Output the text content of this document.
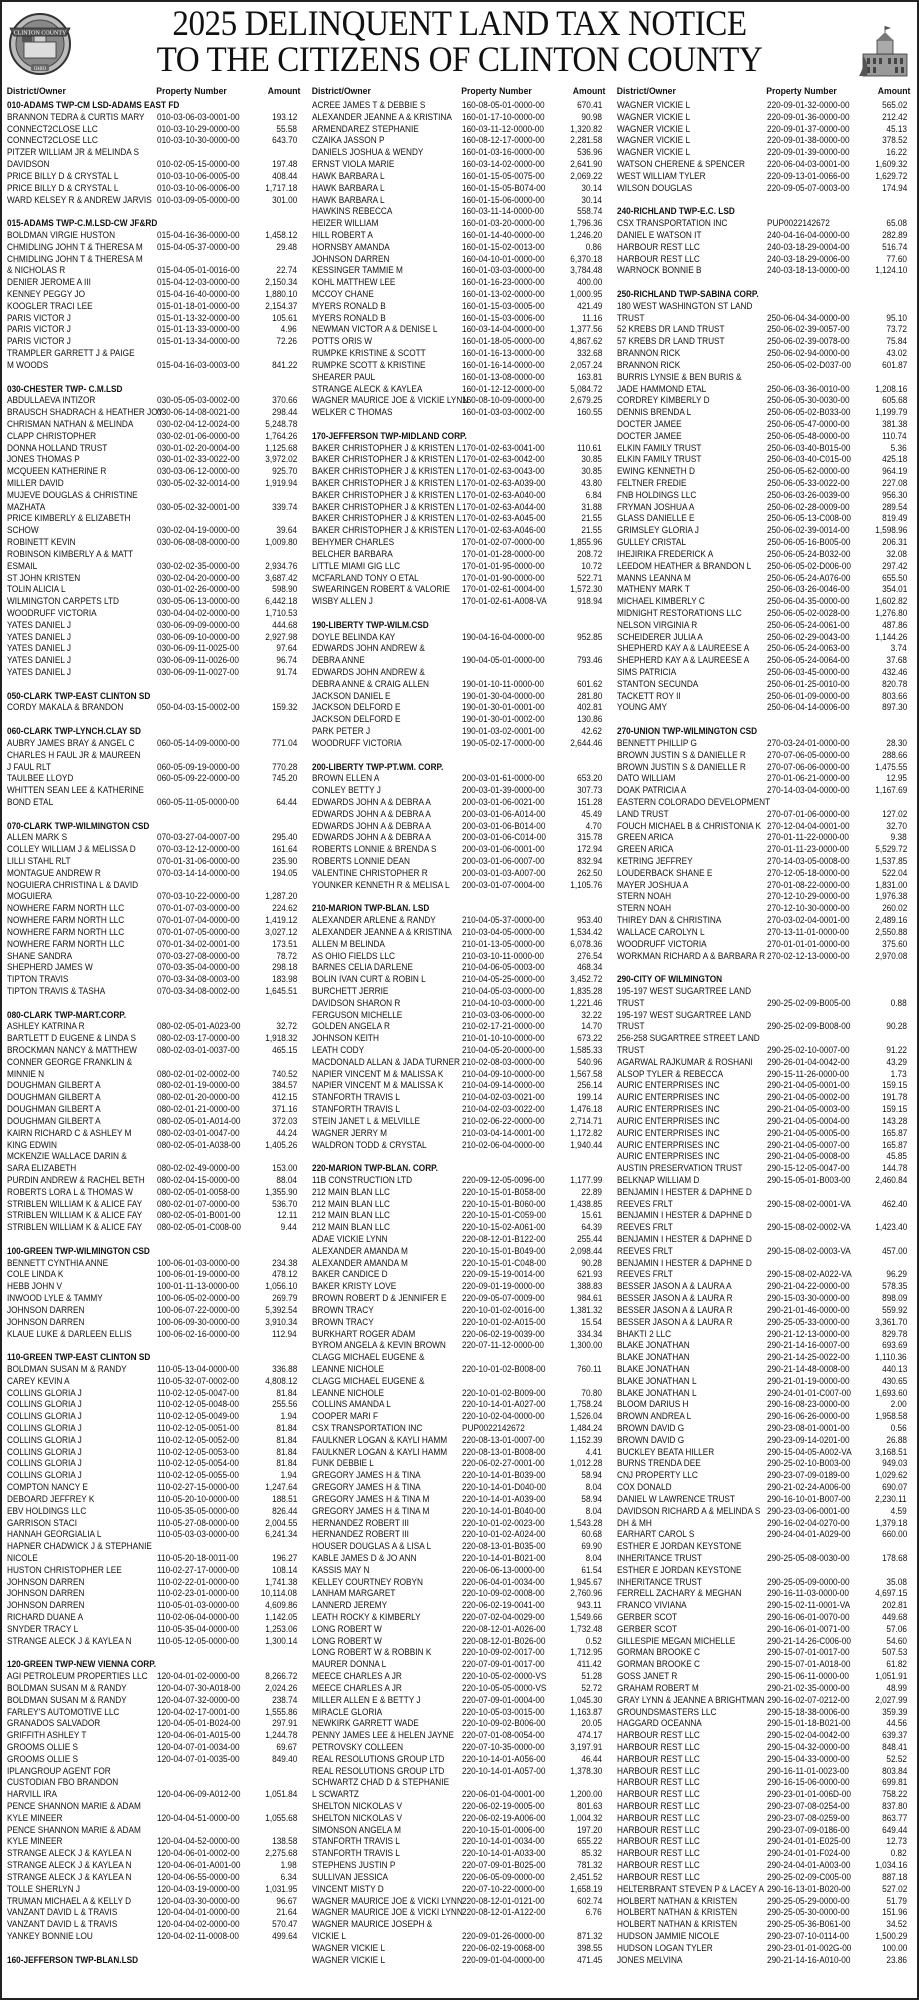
CLINTON COUNTY
OHIO
2025 DELINQUENT LAND TAX NOTICE
TO THE CITIZENS OF CLINTON COUNTY
District/Owner	Property Number	Amount
010-ADAMS TWP-CM LSD-ADAMS EAST FD
BRANNON TEDRA & CURTIS MARY 010-03-06-03-0001-00	193.12
CONNECT2CLOSE LLC	010-03-10-29-0000-00	55.58
CONNECT2CLOSE LLC	010-03-10-30-0000-00	643.70
PITZER WILLIAM JR & MELINDA S
DAVIDSON	010-02-05-15-0000-00	197.48
PRICE BILLY D & CRYSTAL L	010-03-10-06-0005-00	408.44
PRICE BILLY D & CRYSTAL L	010-03-10-06-0006-00	1,717.18
WARD KELSEY R & ANDREW JARVIS 010-03-09-05-0000-00	301.00
015-ADAMS TWP-C.M.LSD-CW JF&RD
BOLDMAN VIRGIE HUSTON	015-04-16-36-0000-00	1,458.12
CHMIDLING JOHN T & THERESA M 015-04-05-37-0000-00	29.48
CHMIDLING JOHN T & THERESA M
& NICHOLAS R	015-04-05-01-0016-00	22.74
DENIER JEROME A III	015-04-12-03-0000-00	2,150.34
KENNEY PEGGY JO	015-04-16-40-0000-00	1,880.10
KOOGLER TRACI LEE	015-01-18-01-0000-00	2,154.37
PARIS VICTOR J	015-01-13-32-0000-00	105.61
PARIS VICTOR J	015-01-13-33-0000-00	4.96
PARIS VICTOR J	015-01-13-34-0000-00	72.26
TRAMPLER GARRETT J & PAIGE
M WOODS	015-04-16-03-0003-00	841.22
030-CHESTER TWP- C.M.LSD
ABDULLAEVA INTIZOR	030-05-05-03-0002-00	370.66
BRAUSCH SHADRACH & HEATHER JOY
030-06-14-08-0021-00	298.44
CHRISMAN NATHAN & MELINDA 030-02-04-12-0024-00	5,248.78
CLAPP CHRISTOPHER	030-02-01-06-0000-00	1,764.26
DONNA HOLLAND TRUST	030-01-02-20-0004-00	1,125.68
JONES THOMAS P	030-01-02-33-0022-00	3,972.02
MCQUEEN KATHERINE R	030-03-06-12-0000-00	925.70
MILLER DAVID	030-05-02-32-0014-00	1,919.94
MUJEVE DOUGLAS & CHRISTINE
MAZHATA	030-05-02-32-0001-00	339.74
PRICE KIMBERLY & ELIZABETH
SCHOW	030-02-04-19-0000-00	39.64
ROBINETT KEVIN	030-06-08-08-0000-00	1,009.80
ROBINSON KIMBERLY A & MATT
ESMAIL	030-02-02-35-0000-00	2,934.76
ST JOHN KRISTEN	030-02-04-20-0000-00	3,687.42
TOLIN ALICIA L	030-01-02-26-0000-00	598.90
WILMINGTON CARPETS LTD	030-05-06-13-0000-00	6,442.18
WOODRUFF VICTORIA	030-04-04-02-0000-00	1,710.53
YATES DANIEL J	030-06-09-09-0000-00	444.68
YATES DANIEL J	030-06-09-10-0000-00	2,927.98
YATES DANIEL J	030-06-09-11-0025-00	97.64
YATES DANIEL J	030-06-09-11-0026-00	96.74
YATES DANIEL J	030-06-09-11-0027-00	91.74
050-CLARK TWP-EAST CLINTON SD
CORDY MAKALA & BRANDON	050-04-03-15-0002-00	159.32
060-CLARK TWP-LYNCH.CLAY SD
AUBRY JAMES BRAY & ANGEL C 060-05-14-09-0000-00	771.04
CHARLES H FAUL JR & MAUREEN
J FAUL RLT	060-05-09-19-0000-00	770.28
TAULBEE LLOYD	060-05-09-22-0000-00	745.20
WHITTEN SEAN LEE & KATHERINE
BOND ETAL	060-05-11-05-0000-00	64.44
070-CLARK TWP-WILMINGTON CSD
ALLEN MARK S	070-03-27-04-0007-00	295.40
COLLEY WILLIAM J & MELISSA D 070-03-12-12-0000-00	161.64
LILLI STAHL RLT	070-01-31-06-0000-00	235.90
MONTAGUE ANDREW R	070-03-14-14-0000-00	194.05
NOGUIERA CHRISTINA L & DAVID
MOGUIERA	070-03-10-22-0000-00	1,287.20
NOWHERE FARM NORTH LLC	070-01-07-03-0000-00	224.62
NOWHERE FARM NORTH LLC	070-01-07-04-0000-00	1,419.12
NOWHERE FARM NORTH LLC	070-01-07-05-0000-00	3,027.12
NOWHERE FARM NORTH LLC	070-01-34-02-0001-00	173.51
SHANE SANDRA	070-03-27-08-0000-00	78.72
SHEPHERD JAMES W	070-03-35-04-0000-00	298.18
TIPTON TRAVIS	070-03-34-08-0003-00	183.98
TIPTON TRAVIS & TASHA	070-03-34-08-0002-00	1,645.51
080-CLARK TWP-MART.CORP.
ASHLEY KATRINA R	080-02-05-01-A023-00	32.72
BARTLETT D EUGENE & LINDA S 080-02-03-17-0000-00	1,918.32
BROCKMAN NANCY & MATTHEW 080-02-03-01-0037-00	465.15
CONNER GEORGE FRANKLIN &
MINNIE N	080-02-01-02-0002-00	740.52
DOUGHMAN GILBERT A	080-02-01-19-0000-00	384.57
DOUGHMAN GILBERT A	080-02-01-20-0000-00	412.15
DOUGHMAN GILBERT A	080-02-01-21-0000-00	371.16
DOUGHMAN GILBERT A	080-02-05-01-A014-00	372.03
KAIRN RICHARD C & ASHLEY M	080-02-03-01-0047-00	44.24
KING EDWIN	080-02-05-01-A038-00	1,405.26
MCKENZIE WALLACE DARIN &
SARA ELIZABETH	080-02-02-49-0000-00	153.00
PURDIN ANDREW & RACHEL BETH 080-02-04-15-0000-00	88.04
ROBERTS LORA L & THOMAS W	080-02-05-01-0058-00	1,355.90
STRIBLEN WILLIAM K & ALICE FAY 080-02-01-07-0000-00	536.70
STRIBLEN WILLIAM K & ALICE FAY 080-02-05-01-B001-00	12.11
STRIBLEN WILLIAM K & ALICE FAY 080-02-05-01-C008-00	9.44
100-GREEN TWP-WILMINGTON CSD
BENNETT CYNTHIA ANNE	100-06-01-03-0000-00	234.38
COLE LINDA K	100-06-01-19-0000-00	478.12
HEBB JOHN V	100-01-11-13-0000-00	1,056.10
INWOOD LYLE & TAMMY	100-06-05-02-0000-00	269.79
JOHNSON DARREN	100-06-07-22-0000-00	5,392.54
JOHNSON DARREN	100-06-09-30-0000-00	3,910.34
KLAUE LUKE & DARLEEN ELLIS	100-06-02-16-0000-00	112.94
110-GREEN TWP-EAST CLINTON SD
BOLDMAN SUSAN M & RANDY	110-05-13-04-0000-00	336.88
CAREY KEVIN A	110-05-32-07-0002-00	4,808.12
COLLINS GLORIA J	110-02-12-05-0047-00	81.84
COLLINS GLORIA J	110-02-12-05-0048-00	255.56
COLLINS GLORIA J	110-02-12-05-0049-00	1.94
COLLINS GLORIA J	110-02-12-05-0051-00	81.84
COLLINS GLORIA J	110-02-12-05-0052-00	81.84
COLLINS GLORIA J	110-02-12-05-0053-00	81.84
COLLINS GLORIA J	110-02-12-05-0054-00	81.84
COLLINS GLORIA J	110-02-12-05-0055-00	1.94
COMPTON NANCY E	110-02-27-15-0000-00	1,247.64
DEBOARD JEFFREY K	110-05-20-10-0000-00	188.51
EBV HOLDINGS LLC	110-05-35-05-0000-00	826.44
GARRISON STACI	110-05-27-08-0000-00	2,004.55
HANNAH GEORGIALIA L	110-05-03-03-0000-00	6,241.34
HAPNER CHADWICK J & STEPHANIE
NICOLE	110-05-20-18-0011-00	196.27
HUSTON CHRISTOPHER LEE	110-02-27-17-0000-00	108.14
JOHNSON DARREN	110-02-22-01-0000-00	1,741.38
JOHNSON DARREN	110-02-23-01-0000-00 10,114.08
JOHNSON DARREN	110-05-01-03-0000-00	4,609.86
RICHARD DUANE A	110-02-06-04-0000-00	1,142.05
SNYDER TRACY L	110-05-35-04-0000-00	1,253.06
STRANGE ALECK J & KAYLEA N	110-05-12-05-0000-00	1,300.14
120-GREEN TWP-NEW VIENNA CORP.
AGI PETROLEUM PROPERTIES LLC 120-04-01-02-0000-00	8,266.72
BOLDMAN SUSAN M & RANDY	120-04-07-30-A018-00	2,024.26
BOLDMAN SUSAN M & RANDY	120-04-07-32-0000-00	238.74
FARLEY'S AUTOMOTIVE LLC	120-04-02-17-0001-00	1,555.86
GRANADOS SALVADOR	120-04-05-01-B024-00	297.91
GRIFFITH ASHLEY T	120-04-06-01-A015-00	1,244.78
GROOMS OLLIE S	120-04-07-01-0034-00	69.67
GROOMS OLLIE S	120-04-07-01-0035-00	849.40
IPLANGROUP AGENT FOR
CUSTODIAN FBO BRANDON
HARVILL IRA	120-04-06-09-A012-00	1,051.84
PENCE SHANNON MARIE & ADAM
KYLE MINEER	120-04-04-51-0000-00	1,055.68
PENCE SHANNON MARIE & ADAM
KYLE MINEER	120-04-04-52-0000-00	138.58
STRANGE ALECK J & KAYLEA N	120-04-06-01-0002-00	2,275.68
STRANGE ALECK J & KAYLEA N	120-04-06-01-A001-00	1.98
STRANGE ALECK J & KAYLEA N	120-04-06-55-0000-00	6.34
TOLLE SHERLYN J	120-04-03-19-0000-00	1,031.95
TRUMAN MICHAEL A & KELLY D	120-04-03-30-0000-00	96.67
VANZANT DAVID L & TRAVIS	120-04-04-01-0000-00	21.64
VANZANT DAVID L & TRAVIS	120-04-04-02-0000-00	570.47
YANKEY BONNIE LOU	120-04-02-11-0008-00	499.64
160-JEFFERSON TWP-BLAN.LSD
District/Owner	Property Number	Amount
ACREE JAMES T & DEBBIE S	160-08-05-01-0000-00	670.41
ALEXANDER JEANNE A & KRISTINA 160-01-17-10-0000-00	90.98
ARMENDAREZ STEPHANIE	160-03-11-12-0000-00	1,320.82
CZAIKA JASSON P	160-08-12-17-0000-00	2,281.58
DANIELS JOSHUA & WENDY	160-01-03-16-0000-00	536.96
ERNST VIOLA MARIE	160-03-14-02-0000-00	2,641.90
HAWK BARBARA L	160-01-15-05-0075-00	2,069.22
HAWK BARBARA L	160-01-15-05-B074-00	30.14
HAWK BARBARA L	160-01-15-06-0000-00	30.14
HAWKINS REBECCA	160-03-11-14-0000-00	558.74
HEIZER WILLIAM	160-01-03-20-0000-00	1,796.36
HILL ROBERT A	160-01-14-40-0000-00	1,246.20
HORNSBY AMANDA	160-01-15-02-0013-00	0.86
JOHNSON DARREN	160-04-10-01-0000-00	6,370.18
KESSINGER TAMMIE M	160-01-03-03-0000-00	3,784.48
KOHL MATTHEW LEE	160-01-16-23-0000-00	400.00
MCCOY CHANE	160-01-13-02-0000-00	1,000.95
MYERS RONALD B	160-01-15-03-0005-00	421.49
MYERS RONALD B	160-01-15-03-0006-00	11.16
NEWMAN VICTOR A & DENISE L	160-03-14-04-0000-00	1,377.56
POTTS ORIS W	160-01-18-05-0000-00	4,867.62
RUMPKE KRISTINE & SCOTT	160-01-16-13-0000-00	332.68
RUMPKE SCOTT & KRISTINE	160-01-16-14-0000-00	2,057.24
SHEARER PAUL	160-01-13-08-0000-00	163.81
STRANGE ALECK & KAYLEA	160-01-12-12-0000-00	5,084.72
WAGNER MAURICE JOE & VICKIE LYNN
160-08-10-09-0000-00	2,679.25
WELKER C THOMAS	160-01-03-03-0002-00	160.55
170-JEFFERSON TWP-MIDLAND CORP.
BAKER CHRISTOPHER J & KRISTEN L 170-01-02-63-0041-00	110.61
BAKER CHRISTOPHER J & KRISTEN L 170-01-02-63-0042-00	30.85
BAKER CHRISTOPHER J & KRISTEN L 170-01-02-63-0043-00	30.85
BAKER CHRISTOPHER J & KRISTEN L 170-01-02-63-A039-00	43.80
BAKER CHRISTOPHER J & KRISTEN L 170-01-02-63-A040-00	6.84
BAKER CHRISTOPHER J & KRISTEN L 170-01-02-63-A044-00	31.88
BAKER CHRISTOPHER J & KRISTEN L 170-01-02-63-A045-00	21.55
BAKER CHRISTOPHER J & KRISTEN L 170-01-02-63-A046-00	21.55
BEHYMER CHARLES	170-01-02-07-0000-00	1,855.96
BELCHER BARBARA	170-01-01-28-0000-00	208.72
LITTLE MIAMI GIG LLC	170-01-01-95-0000-00	10.72
MCFARLAND TONY O ETAL	170-01-01-90-0000-00	522.71
SWEARINGEN ROBERT & VALORIE 170-01-02-61-0004-00	1,572.30
WISBY ALLEN J	170-01-02-61-A008-VA	918.94
190-LIBERTY TWP-WILM.CSD
DOYLE BELINDA KAY	190-04-16-04-0000-00	952.85
EDWARDS JOHN ANDREW &
DEBRA ANNE	190-04-05-01-0000-00	793.46
EDWARDS JOHN ANDREW &
DEBRA ANNE & CRAIG ALLEN	190-01-10-11-0000-00	601.62
JACKSON DANIEL E	190-01-30-04-0000-00	281.80
JACKSON DELFORD E	190-01-30-01-0001-00	402.81
JACKSON DELFORD E	190-01-30-01-0002-00	130.86
PARK PETER J	190-01-03-02-0001-00	42.62
WOODRUFF VICTORIA	190-05-02-17-0000-00	2,644.46
200-LIBERTY TWP-PT.WM. CORP.
BROWN ELLEN A	200-03-01-61-0000-00	653.20
CONLEY BETTY J	200-03-01-39-0000-00	307.73
EDWARDS JOHN A & DEBRA A	200-03-01-06-0021-00	151.28
EDWARDS JOHN A & DEBRA A	200-03-01-06-A014-00	45.49
EDWARDS JOHN A & DEBRA A	200-03-01-06-B014-00	4.70
EDWARDS JOHN A & DEBRA A	200-03-01-06-C014-00	315.78
ROBERTS LONNIE & BRENDA S	200-03-01-06-0001-00	172.94
ROBERTS LONNIE DEAN	200-03-01-06-0007-00	832.94
VALENTINE CHRISTOPHER R	200-03-01-03-A007-00	262.50
YOUNKER KENNETH R & MELISA L 200-03-01-07-0004-00	1,105.76
210-MARION TWP-BLAN. LSD
ALEXANDER ARLENE & RANDY	210-04-05-37-0000-00	953.40
ALEXANDER JEANNE A & KRISTINA 210-03-04-05-0000-00	1,534.42
ALLEN M BELINDA	210-01-13-05-0000-00	6,078.36
AS OHIO FIELDS LLC	210-03-10-11-0000-00	276.54
BARNES CELIA DARLENE	210-04-06-05-0003-00	468.34
BOLIN IVAN CURT & ROBIN L	210-04-05-25-0000-00	3,452.72
BURCHETT JERRIE	210-04-05-03-0000-00	1,835.28
DAVIDSON SHARON R	210-04-10-03-0000-00	1,221.46
FERGUSON MICHELLE	210-03-03-06-0000-00	32.22
GOLDEN ANGELA R	210-02-17-21-0000-00	14.70
JOHNSON KEITH	210-01-10-10-0000-00	673.22
LEATH CODY	210-04-05-20-0000-00	1,585.33
MACDONALD ALLAN & JADA TURNER 210-02-08-03-0000-00	540.96
NAPIER VINCENT M & MALISSA K 210-04-09-10-0000-00	1,567.58
NAPIER VINCENT M & MALISSA K 210-04-09-14-0000-00	256.14
STANFORTH TRAVIS L	210-04-02-03-0021-00	199.14
STANFORTH TRAVIS L	210-04-02-03-0022-00	1,476.18
STEIN JANET L & MELVILLE	210-02-06-22-0000-00	2,714.71
WAGNER JERRY M	210-03-04-14-0001-00	1,172.82
WALDRON TODD & CRYSTAL	210-02-06-04-0000-00	1,940.44
220-MARION TWP-BLAN. CORP.
11B CONSTRUCTION LTD	220-09-12-05-0096-00	1,177.99
212 MAIN BLAN LLC	220-10-15-01-B058-00	22.89
212 MAIN BLAN LLC	220-10-15-01-B060-00	1,438.85
212 MAIN BLAN LLC	220-10-15-01-C059-00	15.61
212 MAIN BLAN LLC	220-10-15-02-A061-00	64.39
ADAE VICKIE LYNN	220-08-12-01-B122-00	255.44
ALEXANDER AMANDA M	220-10-15-01-B049-00	2,098.44
ALEXANDER AMANDA M	220-10-15-01-C048-00	90.28
BAKER CANDICE D	220-09-15-19-0014-00	621.93
BAKER KRISTY LOVE	220-09-01-19-0000-00	388.83
BROWN ROBERT D & JENNIFER E 220-09-05-07-0009-00	984.61
BROWN TRACY	220-10-01-02-0016-00	1,381.32
BROWN TRACY	220-10-01-02-A015-00	15.54
BURKHART ROGER ADAM	220-06-02-19-0039-00	334.34
BYROM ANGELA & KEVIN BROWN 220-07-11-12-0000-00	1,300.00
CLAGG MICHAEL EUGENE &
LEANNE NICHOLE	220-10-01-02-B008-00	760.11
CLAGG MICHAEL EUGENE &
LEANNE NICHOLE	220-10-01-02-B009-00	70.80
COLLINS AMANDA L	220-10-14-01-A027-00	1,758.24
COOPER MARI F	220-10-02-04-0000-00	1,526.04
CSX TRANSPORTATION INC	PUP0022142672	1,484.24
FAULKNER LOGAN & KAYLI HAMM 220-08-13-01-0007-00	1,152.39
FAULKNER LOGAN & KAYLI HAMM 220-08-13-01-B008-00	4.41
FUNK DEBBIE L	220-06-02-27-0001-00	1,012.28
GREGORY JAMES H & TINA	220-10-14-01-B039-00	58.94
GREGORY JAMES H & TINA	220-10-14-01-D040-00	8.04
GREGORY JAMES H & TINA M	220-10-14-01-A039-00	58.94
GREGORY JAMES H & TINA M	220-10-14-01-B040-00	8.04
HERNANDEZ ROBERT III	220-10-01-02-0023-00	1,543.28
HERNANDEZ ROBERT III	220-10-01-02-A024-00	60.68
HOUSER DOUGLAS A & LISA L	220-08-13-01-B035-00	69.90
KABLE JAMES D & JO ANN	220-10-14-01-B021-00	8.04
KASSIS MAY N	220-06-06-13-0000-00	61.54
KELLEY COURTNEY ROBYN	220-06-04-01-0034-00	1,945.67
LANHAM MARGARET	220-10-09-02-0008-00	2,760.96
LANNERD JEREMY	220-06-02-19-0041-00	943.11
LEATH ROCKY & KIMBERLY	220-07-02-04-0029-00	1,549.66
LONG ROBERT W	220-08-12-01-A026-00	1,732.48
LONG ROBERT W	220-08-12-01-B026-00	0.52
LONG ROBERT W & ROBBIN K	220-10-09-02-0017-00	1,712.95
MAURER DONNA L	220-07-09-01-0017-00	411.42
MEECE CHARLES A JR	220-10-05-02-0000-VS	51.28
MEECE CHARLES A JR	220-10-05-05-0000-VS	52.72
MILLER ALLEN E & BETTY J	220-07-09-01-0004-00	1,045.30
MIRACLE GLORIA	220-10-05-03-0015-00	1,163.87
NEWKIRK GARRETT WADE	220-10-09-02-B006-00	20.05
PENNY JAMES LEE & HELEN JAYNE 220-07-01-08-0054-00	474.17
PETROVSKY COLLEEN	220-07-10-35-0000-00	3,197.91
REAL RESOLUTIONS GROUP LTD 220-10-14-01-A056-00	46.44
REAL RESOLUTIONS GROUP LTD 220-10-14-01-A057-00	1,378.30
SCHWARTZ CHAD D & STEPHANIE
L SCWARTZ	220-06-01-04-0001-00	1,200.00
SHELTON NICKOLAS V	220-06-02-19-0005-00	801.63
SHELTON NICKOLAS V	220-06-02-19-A006-00	1,004.32
SIMONSON ANGELA M	220-10-15-01-0006-00	197.20
STANFORTH TRAVIS L	220-10-14-01-0034-00	655.22
STANFORTH TRAVIS L	220-10-14-01-A033-00	85.32
STEPHENS JUSTIN P	220-07-09-01-B025-00	781.32
SULLIVAN JESSICA	220-06-05-09-0000-00	2,451.52
VINCENT MISTY D	220-07-10-22-0000-00	1,658.19
WAGNER MAURICE JOE & VICKI LYNN 220-08-12-01-0121-00	602.74
WAGNER MAURICE JOE & VICKI LYNN 220-08-12-01-A122-00	6.76
WAGNER MAURICE JOSEPH &
VICKIE L	220-09-01-26-0000-00	871.32
WAGNER VICKIE L	220-06-02-19-0068-00	398.55
WAGNER VICKIE L	220-09-01-04-0000-00	471.45
District/Owner	Property Number	Amount
WAGNER VICKIE L	220-09-01-32-0000-00	565.02
WAGNER VICKIE L	220-09-01-36-0000-00	212.42
WAGNER VICKIE L	220-09-01-37-0000-00	45.13
WAGNER VICKIE L	220-09-01-38-0000-00	378.52
WAGNER VICKIE L	220-09-01-39-0000-00	16.22
WATSON CHERENE & SPENCER 220-06-04-03-0001-00	1,609.32
WEST WILLIAM TYLER	220-09-13-01-0066-00	1,629.72
WILSON DOUGLAS	220-09-05-07-0003-00	174.94
240-RICHLAND TWP-E.C. LSD
CSX TRANSPORTATION INC	PUP0022142672	65.08
DANIEL E WATSON IT	240-04-16-04-0000-00	282.89
HARBOUR REST LLC	240-03-18-29-0004-00	516.74
HARBOUR REST LLC	240-03-18-29-0006-00	77.60
WARNOCK BONNIE B	240-03-18-13-0000-00	1,124.10
250-RICHLAND TWP-SABINA CORP.
180 WEST WASHINGTON ST LAND
TRUST	250-06-04-34-0000-00	95.10
52 KREBS DR LAND TRUST	250-06-02-39-0057-00	73.72
57 KREBS DR LAND TRUST	250-06-02-39-0078-00	75.84
BRANNON RICK	250-06-02-94-0000-00	43.02
BRANNON RICK	250-06-05-02-D037-00	601.87
BURRIS LYNSIE & BEN BURIS &
JADE HAMMOND ETAL	250-06-03-36-0010-00	1,208.16
CORDREY KIMBERLY D	250-06-05-30-0030-00	605.68
DENNIS BRENDA L	250-06-05-02-B033-00	1,199.79
DOCTER JAMEE	250-06-05-47-0000-00	381.38
DOCTER JAMEE	250-06-05-48-0000-00	110.74
ELKIN FAMILY TRUST	250-06-03-40-B015-00	5.36
ELKIN FAMILY TRUST	250-06-03-40-C015-00	425.18
EWING KENNETH D	250-06-05-62-0000-00	964.19
FELTNER FREDIE	250-06-05-33-0022-00	227.08
FNB HOLDINGS LLC	250-06-03-26-0039-00	956.30
FRYMAN JOSHUA A	250-06-02-28-0009-00	289.54
GLASS DANIELLE E	250-06-05-13-C008-00	819.49
GRIMSLEY GLORIA J	250-06-02-39-0014-00	1,598.96
GULLEY CRISTAL	250-06-05-16-B005-00	206.31
IHEJIRIKA FREDERICK A	250-06-05-24-B032-00	32.08
LEEDOM HEATHER & BRANDON L 250-06-05-02-D006-00	297.42
MANNS LEANNA M	250-06-05-24-A076-00	655.50
MATHENY MARK T	250-06-03-26-0046-00	354.01
MICHAEL KIMBERLY C	250-06-04-35-0000-00	1,602.82
MIDNIGHT RESTORATIONS LLC	250-06-05-02-0028-00	1,276.80
NELSON VIRGINIA R	250-06-05-24-0061-00	487.86
SCHEIDERER JULIA A	250-06-02-29-0043-00	1,144.26
SHEPHERD KAY A & LAUREESE A 250-06-05-24-0063-00	3.74
SHEPHERD KAY A & LAUREESE A 250-06-05-24-0064-00	37.68
SIMS PATRICIA	250-06-03-45-0000-00	432.46
STANTON SECUNDA	250-06-01-25-0010-00	820.78
TACKETT ROY II	250-06-01-09-0000-00	803.66
YOUNG AMY	250-06-04-14-0006-00	897.30
270-UNION TWP-WILMINGTON CSD
BENNETT PHILLIP G	270-03-24-01-0000-00	28.30
BROWN JUSTIN S & DANIELLE R 270-07-06-05-0000-00	288.66
BROWN JUSTIN S & DANIELLE R 270-07-06-06-0000-00	1,475.55
DATO WILLIAM	270-01-06-21-0000-00	12.95
DOAK PATRICIA A	270-14-03-04-0000-00	1,167.69
EASTERN COLORADO DEVELOPMENT
LAND TRUST	270-07-01-06-0000-00	127.02
FOUCH MICHAEL B & CHRISTONIA K 270-12-04-04-0001-00	32.70
GREEN ARICA	270-01-11-22-0000-00	9.38
GREEN ARICA	270-01-11-23-0000-00	5,529.72
KETRING JEFFREY	270-14-03-05-0008-00	1,537.85
LOUDERBACK SHANE E	270-12-05-18-0000-00	522.04
MAYER JOSHUA A	270-01-08-22-0000-00	1,831.00
STERN NOAH	270-12-10-29-0000-00	1,976.38
STERN NOAH	270-12-10-30-0000-00	260.02
THIREY DAN & CHRISTINA	270-03-02-04-0001-00	2,489.16
WALLACE CAROLYN L	270-13-11-01-0000-00	2,550.88
WOODRUFF VICTORIA	270-01-01-01-0000-00	375.60
WORKMAN RICHARD A & BARBARA R 270-02-12-13-0000-00	2,970.08
290-CITY OF WILMINGTON
195-197 WEST SUGARTREE LAND
TRUST	290-25-02-09-B005-00	0.88
195-197 WEST SUGARTREE LAND
TRUST	290-25-02-09-B008-00	90.28
256-258 SUGARTREE STREET LAND
TRUST	290-25-02-10-0007-00	91.22
AGARWAL RAJKUMAR & ROSHANI 290-26-01-04-0042-00	43.29
ALSOP TYLER & REBECCA	290-15-11-26-0000-00	1.73
AURIC ENTERPRISES INC	290-21-04-05-0001-00	159.15
AURIC ENTERPRISES INC	290-21-04-05-0002-00	191.78
AURIC ENTERPRISES INC	290-21-04-05-0003-00	159.15
AURIC ENTERPRISES INC	290-21-04-05-0004-00	143.28
AURIC ENTERPRISES INC	290-21-04-05-0005-00	165.87
AURIC ENTERPRISES INC	290-21-04-05-0007-00	165.87
AURIC ENTERPRISES INC	290-21-04-05-0008-00	45.85
AUSTIN PRESERVATION TRUST	290-15-12-05-0047-00	144.78
BELKNAP WILLIAM D	290-15-05-01-B003-00	2,460.84
BENJAMIN I HESTER & DAPHNE D
REEVES FRLT	290-15-08-02-0001-VA	462.40
BENJAMIN I HESTER & DAPHNE D
REEVES FRLT	290-15-08-02-0002-VA	1,423.40
BENJAMIN I HESTER & DAPHNE D
REEVES FRLT	290-15-08-02-0003-VA	457.00
BENJAMIN I HESTER & DAPHNE D
REEVES FRLT	290-15-08-02-A022-VA	96.29
BESSER JASON A & LAURA A	290-21-04-22-0000-00	578.35
BESSER JASON A & LAURA R	290-15-03-30-0000-00	898.09
BESSER JASON A & LAURA R	290-21-01-46-0000-00	559.92
BESSER JASON A & LAURA R	290-25-05-33-0000-00	3,361.70
BHAKTI 2 LLC	290-21-12-13-0000-00	829.78
BLAKE JONATHAN	290-21-14-16-0007-00	693.69
BLAKE JONATHAN	290-21-14-25-0022-00	1,110.36
BLAKE JONATHAN	290-21-14-48-0008-00	440.13
BLAKE JONATHAN L	290-21-01-19-0000-00	430.65
BLAKE JONATHAN L	290-24-01-01-C007-00 1,693.60
BLOOM DARIUS H	290-16-08-23-0000-00	2.00
BROWN ANDREA L	290-16-06-26-0000-00	1,958.58
BROWN DAVID G	290-23-08-01-0001-00	0.56
BROWN DAVID G	290-23-09-14-0201-00	26.88
BUCKLEY BEATA HILLER	290-15-04-05-A002-VA 3,168.51
BURNS TRENDA DEE	290-25-02-10-B003-00	949.03
CNJ PROPERTY LLC	290-23-07-09-0189-00	1,029.62
COX DONALD	290-21-02-24-A006-00	690.07
DANIEL W LAWRENCE TRUST	290-16-10-01-B007-00	2,230.11
DAVIDSON RICHARD A & MELINDA S 290-23-03-06-0001-00	4.59
DH & MH	290-16-02-04-0270-00	1,379.18
EARHART CAROL S	290-24-04-01-A029-00	660.00
ESTHER E JORDAN KEYSTONE
INHERITANCE TRUST	290-25-05-08-0030-00	178.68
ESTHER E JORDAN KEYSTONE
INHERITANCE TRUST	290-25-05-09-0000-00	35.08
FERRELL ZACHARY & MEGHAN	290-16-11-03-0000-00	4,697.15
FRANCO VIVIANA	290-15-02-11-0001-VA	202.81
GERBER SCOT	290-16-06-01-0070-00	449.68
GERBER SCOT	290-16-06-01-0071-00	57.06
GILLESPIE MEGAN MICHELLE	290-21-14-26-C006-00	54.60
GORMAN BROOKE C	290-15-07-01-0017-00	507.53
GORMAN BROOKE C	290-15-07-01-A018-00	61.82
GOSS JANET R	290-15-06-11-0000-00	1,051.91
GRAHAM ROBERT M	290-21-02-35-0000-00	48.99
GRAY LYNN & JEANNE A BRIGHTMAN 290-16-02-07-0212-00	2,027.99
GROUNDSMASTERS LLC	290-15-18-38-0006-00	359.39
HAGGARD OCEANNA	290-15-01-18-B021-00	44.56
HARBOUR REST LLC	290-15-02-04-0042-00	639.37
HARBOUR REST LLC	290-15-04-32-0000-00	848.41
HARBOUR REST LLC	290-15-04-33-0000-00	52.52
HARBOUR REST LLC	290-16-11-01-0023-00	803.84
HARBOUR REST LLC	290-16-15-06-0000-00	699.81
HARBOUR REST LLC	290-23-01-01-006D-00	758.22
HARBOUR REST LLC	290-23-07-08-0254-00	837.80
HARBOUR REST LLC	290-23-07-08-0259-00	863.77
HARBOUR REST LLC	290-23-07-09-0186-00	649.44
HARBOUR REST LLC	290-24-01-01-E025-00	12.73
HARBOUR REST LLC	290-24-01-01-F024-00	0.82
HARBOUR REST LLC	290-24-04-01-A003-00	1,034.16
HARBOUR REST LLC	290-25-02-09-C005-00	887.18
HELTERBRANT STEVEN P & LACEY A 290-16-13-01-B020-00	527.02
HOLBERT NATHAN & KRISTEN	290-25-05-29-0000-00	51.79
HOLBERT NATHAN & KRISTEN	290-25-05-30-0000-00	151.96
HOLBERT NATHAN & KRISTEN	290-25-05-36-B061-00	34.52
HUDSON JAMMIE NICOLE	290-23-07-10-0114-00	1,500.29
HUDSON LOGAN TYLER	290-23-01-01-002G-00	100.00
JONES MELVINA	290-21-14-16-A010-00	23.86
